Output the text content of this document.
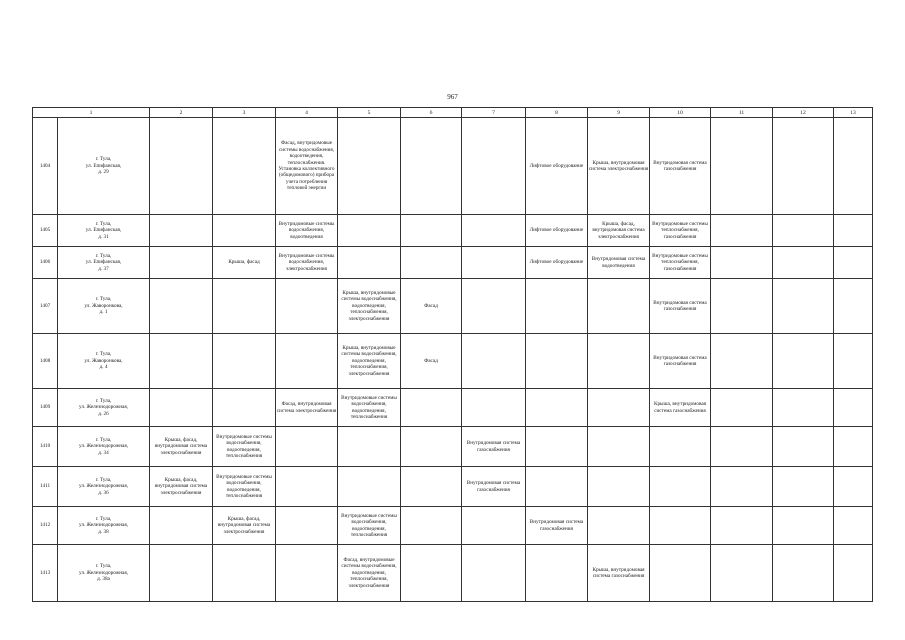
967
1		2	3	4	5	6	7	8	9	10	11	12	13
1404	г. Тула,
ул. Епифанская,
д. 29			Фасад, внутридомовые системы водоснабжения, водоотведения, теплоснабжения. Установка коллективного (общедомового) прибора учета потребления тепловой энергии				Лифтовое оборудование	Крыша, внутридомовая система электроснабжения	Внутридомовая система газоснабжения			

1405	г. Тула,
ул. Епифанская,
д. 31			Внутридомовые системы водоснабжения, водоотведения				Лифтовое оборудование	Крыша, фасад, внутридомовая система электроснабжения	Внутридомовые системы теплоснабжения, газоснабжения			

1406	г. Тула,
ул. Епифанская,
д. 37		Крыша, фасад	Внутридомовые системы водоснабжения, электроснабжения				Лифтовое оборудование	Внутридомовая система водоотведения	Внутридомовые системы теплоснабжения, газоснабжения			

1407	г. Тула,
ул. Жаворонкова,
д. 1				Крыша, внутридомовые системы водоснабжения, водоотведения, теплоснабжения, электроснабжения	Фасад				Внутридомовая система газоснабжения			

1408	г. Тула,
ул. Жаворонкова,
д. 4				Крыша, внутридомовые системы водоснабжения, водоотведения, теплоснабжения, электроснабжения	Фасад				Внутридомовая система газоснабжения			

1409	г. Тула,
ул. Железнодорожная,
д. 26			Фасад, внутридомовая система электроснабжения	Внутридомовые системы водоснабжения, водоотведения, теплоснабжения					Крыша, внутридомовая система газоснабжения			

1410	г. Тула,
ул. Железнодорожная,
д. 34	Крыша, фасад, внутридомовая система электроснабжения	Внутридомовые системы водоснабжения, водоотведения, теплоснабжения				Внутридомовая система газоснабжения						

1411	г. Тула,
ул. Железнодорожная,
д. 36	Крыша, фасад, внутридомовая система электроснабжения	Внутридомовые системы водоснабжения, водоотведения, теплоснабжения				Внутридомовая система газоснабжения						

1412	г. Тула,
ул. Железнодорожная,
д. 38		Крыша, фасад, внутридомовая система электроснабжения		Внутридомовые системы водоснабжения, водоотведения, теплоснабжения			Внутридомовая система газоснабжения					

1413	г. Тула,
ул. Железнодорожная,
д. 38а				Фасад, внутридомовые системы водоснабжения, водоотведения, теплоснабжения, электроснабжения				Крыша, внутридомовая система газоснабжения				
